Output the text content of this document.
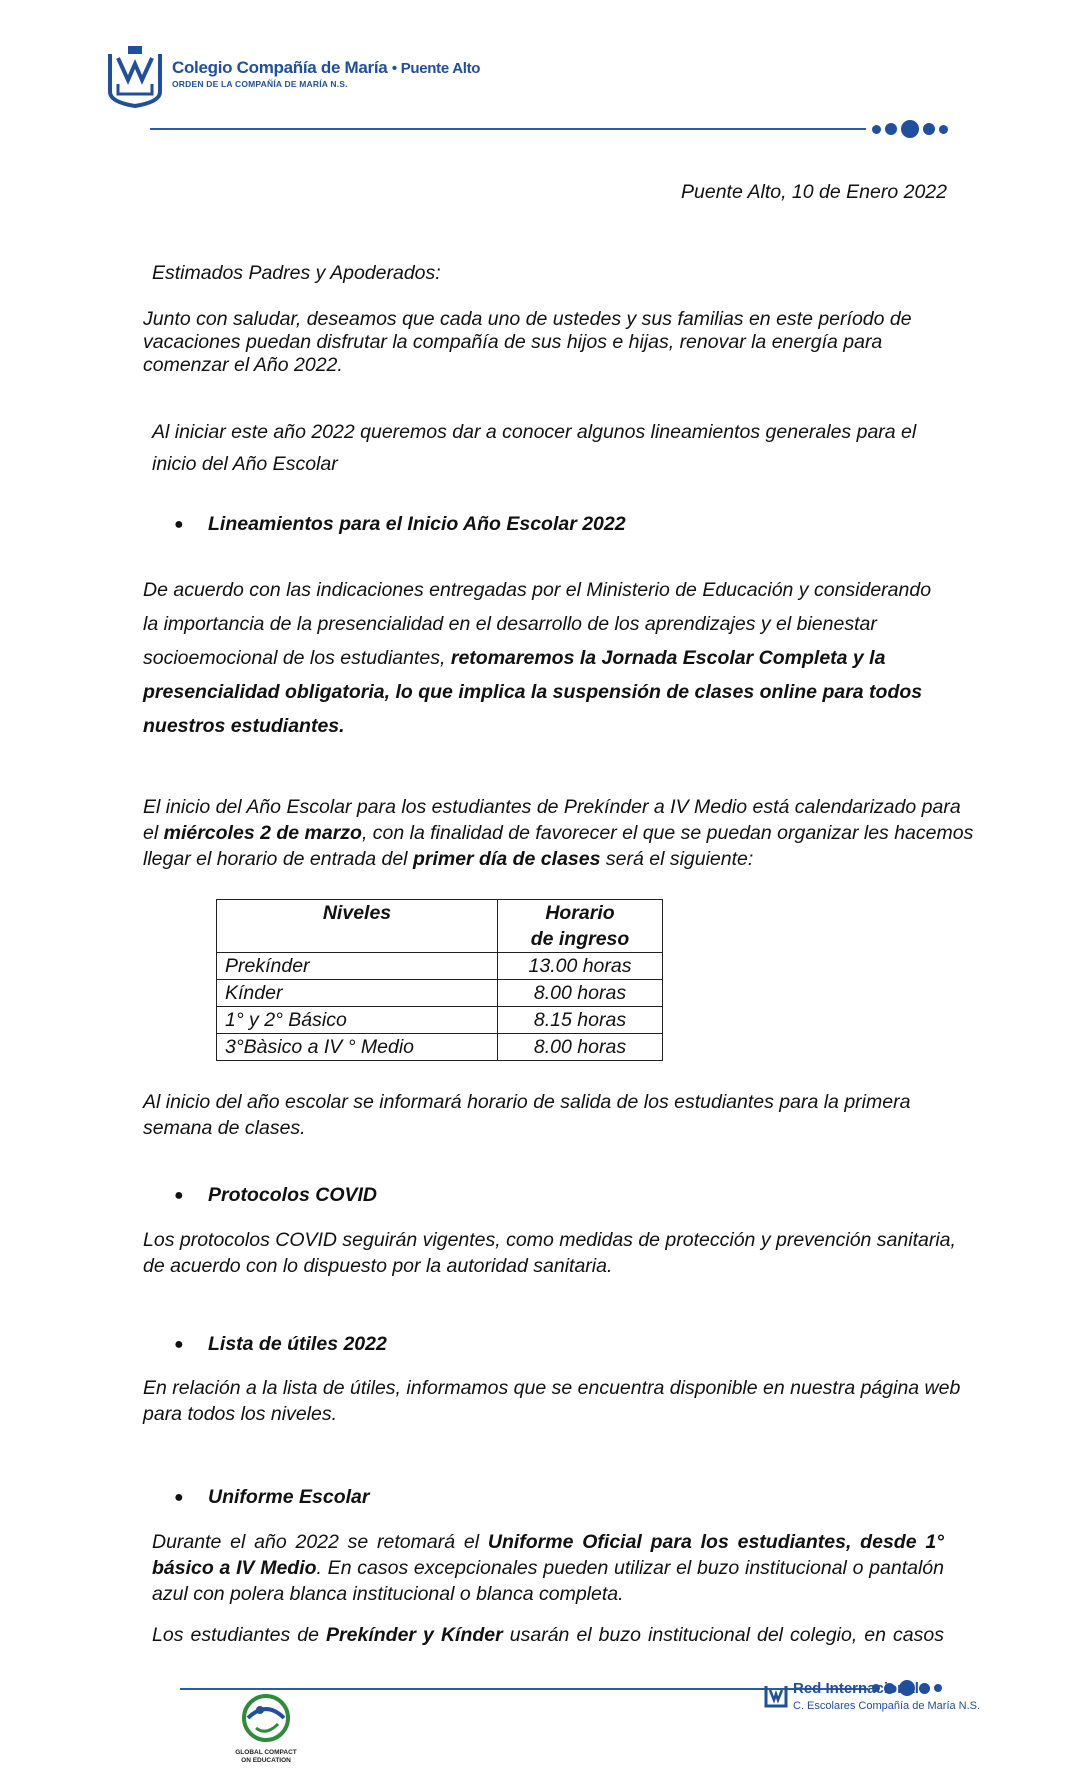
Colegio Compañía de María • Puente Alto
ORDEN DE LA COMPAÑÍA DE MARÍA N.S.
Puente Alto, 10 de Enero 2022
Estimados Padres y Apoderados:
Junto con saludar, deseamos que cada uno de ustedes y sus familias en este período de vacaciones puedan disfrutar la compañía de sus hijos e hijas, renovar la energía para comenzar el Año 2022.
Al iniciar este año 2022 queremos dar a conocer algunos lineamientos generales para el
inicio del Año Escolar
● Lineamientos para el Inicio Año Escolar 2022
De acuerdo con las indicaciones entregadas por el Ministerio de Educación y considerando
la importancia de la presencialidad en el desarrollo de los aprendizajes y el bienestar
socioemocional de los estudiantes, retomaremos la Jornada Escolar Completa y la
presencialidad obligatoria, lo que implica la suspensión de clases online para todos
nuestros estudiantes.
El inicio del Año Escolar para los estudiantes de Prekínder a IV Medio está calendarizado para
el miércoles 2 de marzo, con la finalidad de favorecer el que se puedan organizar les hacemos
llegar el horario de entrada del primer día de clases será el siguiente:
Niveles	Horario
de ingreso

Prekínder	13.00 horas
Kínder	8.00 horas
1° y 2° Básico	8.15 horas
3°Bàsico a IV ° Medio	8.00 horas
Al inicio del año escolar se informará horario de salida de los estudiantes para la primera semana de clases.
● Protocolos COVID
Los protocolos COVID seguirán vigentes, como medidas de protección y prevención sanitaria, de acuerdo con lo dispuesto por la autoridad sanitaria.
● Lista de útiles 2022
En relación a la lista de útiles, informamos que se encuentra disponible en nuestra página web para todos los niveles.
● Uniforme Escolar
Durante el año 2022 se retomará el Uniforme Oficial para los estudiantes, desde 1° básico a IV Medio. En casos excepcionales pueden utilizar el buzo institucional o pantalón azul con polera blanca institucional o blanca completa.
Los estudiantes de Prekínder y Kínder usarán el buzo institucional del colegio, en casos
GLOBAL COMPACT
ON EDUCATION
Red Internacional
C. Escolares Compañía de María N.S.
